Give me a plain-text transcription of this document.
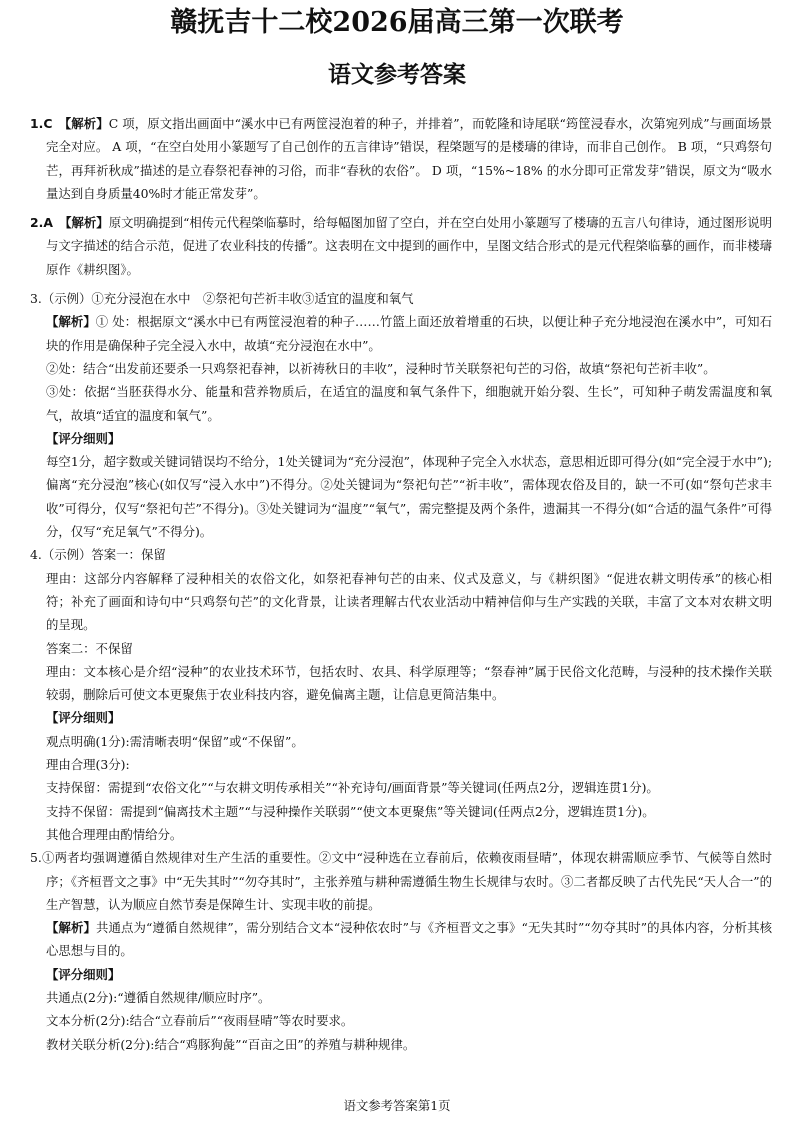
赣抚吉十二校2026届高三第一次联考
语文参考答案

1.C　【解析】C 项，原文指出画面中“溪水中已有两筐浸泡着的种子，并排着”，而乾隆和诗尾联“筠筐浸春水，次第宛列成”与画面场景完全对应。 A 项，“在空白处用小篆题写了自己创作的五言律诗”错误，程棨题写的是楼璹的律诗，而非自己创作。 B 项，“只鸡祭句芒，再拜祈秋成”描述的是立春祭祀春神的习俗，而非“春秋的农俗”。 D 项，“15%~18% 的水分即可正常发芽”错误，原文为“吸水量达到自身质量40%时才能正常发芽”。

2.A　【解析】原文明确提到“相传元代程棨临摹时，给每幅图加留了空白，并在空白处用小篆题写了楼璹的五言八句律诗，通过图形说明与文字描述的结合示范，促进了农业科技的传播”。这表明在文中提到的画作中，呈图文结合形式的是元代程棨临摹的画作，而非楼璹原作《耕织图》。

3.（示例）①充分浸泡在水中　②祭祀句芒祈丰收③适宜的温度和氧气

【解析】① 处：根据原文“溪水中已有两筐浸泡着的种子……竹篮上面还放着增重的石块，以便让种子充分地浸泡在溪水中”，可知石块的作用是确保种子完全浸入水中，故填“充分浸泡在水中”。

②处：结合“出发前还要杀一只鸡祭祀春神，以祈祷秋日的丰收”，浸种时节关联祭祀句芒的习俗，故填“祭祀句芒祈丰收”。

③处：依据“当胚获得水分、能量和营养物质后，在适宜的温度和氧气条件下，细胞就开始分裂、生长”，可知种子萌发需温度和氧气，故填“适宜的温度和氧气”。

【评分细则】

每空1分，超字数或关键词错误均不给分，1处关键词为“充分浸泡”，体现种子完全入水状态，意思相近即可得分(如“完全浸于水中”);偏离“充分浸泡”核心(如仅写“浸入水中”)不得分。②处关键词为“祭祀句芒”“祈丰收”，需体现农俗及目的，缺一不可(如“祭句芒求丰收”可得分，仅写“祭祀句芒”不得分)。③处关键词为“温度”“氧气”，需完整提及两个条件，遗漏其一不得分(如“合适的温气条件”可得分，仅写“充足氧气”不得分)。

4.（示例）答案一：保留

理由：这部分内容解释了浸种相关的农俗文化，如祭祀春神句芒的由来、仪式及意义，与《耕织图》“促进农耕文明传承”的核心相符；补充了画面和诗句中“只鸡祭句芒”的文化背景，让读者理解古代农业活动中精神信仰与生产实践的关联，丰富了文本对农耕文明的呈现。

答案二：不保留

理由：文本核心是介绍“浸种”的农业技术环节，包括农时、农具、科学原理等；“祭春神”属于民俗文化范畴，与浸种的技术操作关联较弱，删除后可使文本更聚焦于农业科技内容，避免偏离主题，让信息更简洁集中。

【评分细则】

观点明确(1分):需清晰表明“保留”或“不保留”。

理由合理(3分):

支持保留：需提到“农俗文化”“与农耕文明传承相关”“补充诗句/画面背景”等关键词(任两点2分，逻辑连贯1分)。

支持不保留：需提到“偏离技术主题”“与浸种操作关联弱”“使文本更聚焦”等关键词(任两点2分，逻辑连贯1分)。

其他合理理由酌情给分。

5.①两者均强调遵循自然规律对生产生活的重要性。②文中“浸种选在立春前后，依赖夜雨昼晴”，体现农耕需顺应季节、气候等自然时序；《齐桓晋文之事》中“无失其时”“勿夺其时”，主张养殖与耕种需遵循生物生长规律与农时。③二者都反映了古代先民“天人合一”的生产智慧，认为顺应自然节奏是保障生计、实现丰收的前提。

【解析】共通点为“遵循自然规律”，需分别结合文本“浸种依农时”与《齐桓晋文之事》“无失其时”“勿夺其时”的具体内容，分析其核心思想与目的。

【评分细则】

共通点(2分):“遵循自然规律/顺应时序”。

文本分析(2分):结合“立春前后”“夜雨昼晴”等农时要求。

教材关联分析(2分):结合“鸡豚狗彘”“百亩之田”的养殖与耕种规律。

语文参考答案第1页
